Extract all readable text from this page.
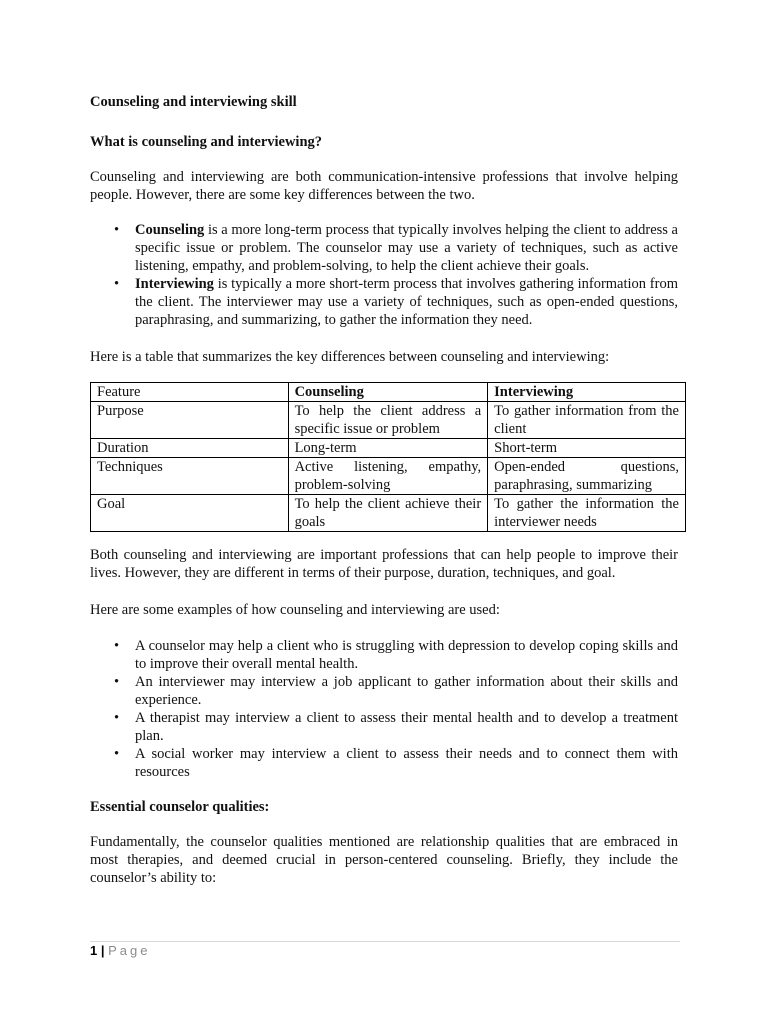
Counseling and interviewing skill

What is counseling and interviewing?

Counseling and interviewing are both communication-intensive professions that involve helping people. However, there are some key differences between the two.

• Counseling is a more long-term process that typically involves helping the client to address a specific issue or problem. The counselor may use a variety of techniques, such as active listening, empathy, and problem-solving, to help the client achieve their goals.
• Interviewing is typically a more short-term process that involves gathering information from the client. The interviewer may use a variety of techniques, such as open-ended questions, paraphrasing, and summarizing, to gather the information they need.

Here is a table that summarizes the key differences between counseling and interviewing:

Feature	Counseling	Interviewing
Purpose	To help the client address a specific issue or problem	To gather information from the client
Duration	Long-term	Short-term
Techniques	Active listening, empathy, problem-solving	Open-ended questions, paraphrasing, summarizing
Goal	To help the client achieve their goals	To gather the information the interviewer needs

Both counseling and interviewing are important professions that can help people to improve their lives. However, they are different in terms of their purpose, duration, techniques, and goal.

Here are some examples of how counseling and interviewing are used:

• A counselor may help a client who is struggling with depression to develop coping skills and to improve their overall mental health.
• An interviewer may interview a job applicant to gather information about their skills and experience.
• A therapist may interview a client to assess their mental health and to develop a treatment plan.
• A social worker may interview a client to assess their needs and to connect them with resources

Essential counselor qualities:

Fundamentally, the counselor qualities mentioned are relationship qualities that are embraced in most therapies, and deemed crucial in person-centered counseling. Briefly, they include the counselor’s ability to:

1 | Page
